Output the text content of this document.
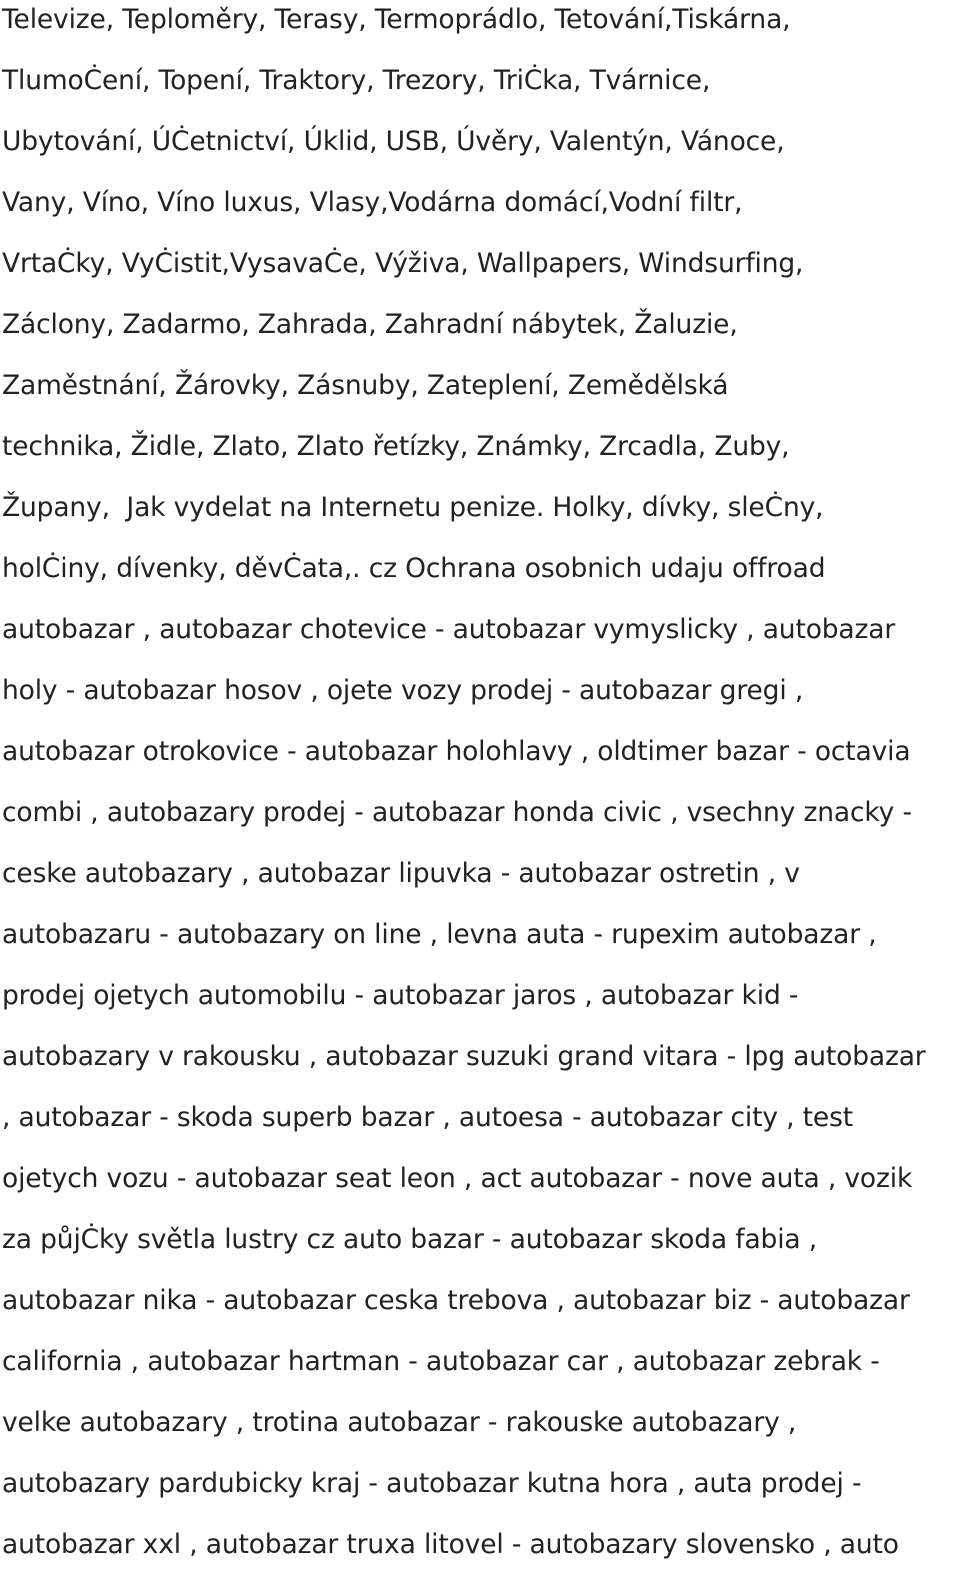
Televize, Teploměry, Terasy, Termoprádlo, Tetování,Tiskárna,
TlumoĊení, Topení, Traktory, Trezory, TriĊka, Tvárnice,
Ubytování, ÚĊetnictví, Úklid, USB, Úvěry, Valentýn, Vánoce,
Vany, Víno, Víno luxus, Vlasy,Vodárna domácí,Vodní filtr,
VrtaĊky, VyĊistit,VysavaĊe, Výživa, Wallpapers, Windsurfing,
Záclony, Zadarmo, Zahrada, Zahradní nábytek, Žaluzie,
Zaměstnání, Žárovky, Zásnuby, Zateplení, Zemědělská
technika, Židle, Zlato, Zlato řetízky, Známky, Zrcadla, Zuby,
Župany,  Jak vydelat na Internetu penize. Holky, dívky, sleĊny,
holĊiny, dívenky, děvĊata,. cz Ochrana osobnich udaju offroad
autobazar , autobazar chotevice - autobazar vymyslicky , autobazar
holy - autobazar hosov , ojete vozy prodej - autobazar gregi ,
autobazar otrokovice - autobazar holohlavy , oldtimer bazar - octavia
combi , autobazary prodej - autobazar honda civic , vsechny znacky -
ceske autobazary , autobazar lipuvka - autobazar ostretin , v
autobazaru - autobazary on line , levna auta - rupexim autobazar ,
prodej ojetych automobilu - autobazar jaros , autobazar kid -
autobazary v rakousku , autobazar suzuki grand vitara - lpg autobazar
, autobazar - skoda superb bazar , autoesa - autobazar city , test
ojetych vozu - autobazar seat leon , act autobazar - nove auta , vozik
za půjĊky světla lustry cz auto bazar - autobazar skoda fabia ,
autobazar nika - autobazar ceska trebova , autobazar biz - autobazar
california , autobazar hartman - autobazar car , autobazar zebrak -
velke autobazary , trotina autobazar - rakouske autobazary ,
autobazary pardubicky kraj - autobazar kutna hora , auta prodej -
autobazar xxl , autobazar truxa litovel - autobazary slovensko , auto
